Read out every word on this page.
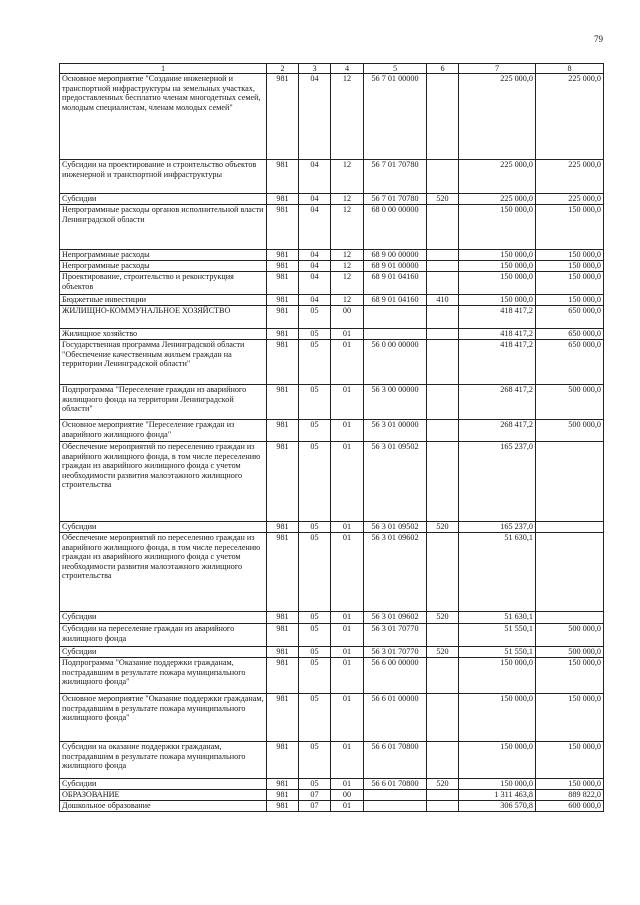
79
1	2	3	4	5	6	7	8
Основное мероприятие "Создание инженерной и транспортной инфраструктуры на земельных участках, предоставленных бесплатно членам многодетных семей, молодым специалистам, членам молодых семей"	981	04	12	56 7 01 00000		225 000,0	225 000,0
Субсидии на проектирование и строительство объектов инженерной и транспортной инфраструктуры	981	04	12	56 7 01 70780		225 000,0	225 000,0
Субсидии	981	04	12	56 7 01 70780	520	225 000,0	225 000,0
Непрограммные расходы органов исполнительной власти Ленинградской области	981	04	12	68 0 00 00000		150 000,0	150 000,0
Непрограммные расходы	981	04	12	68 9 00 00000		150 000,0	150 000,0
Непрограммные расходы	981	04	12	68 9 01 00000		150 000,0	150 000,0
Проектирование, строительство и реконструкция объектов	981	04	12	68 9 01 04160		150 000,0	150 000,0
Бюджетные инвестиции	981	04	12	68 9 01 04160	410	150 000,0	150 000,0
ЖИЛИЩНО-КОММУНАЛЬНОЕ ХОЗЯЙСТВО	981	05	00			418 417,2	650 000,0
Жилищное хозяйство	981	05	01			418 417,2	650 000,0
Государственная программа Ленинградской области "Обеспечение качественным жильем граждан на территории Ленинградской области"	981	05	01	56 0 00 00000		418 417,2	650 000,0
Подпрограмма "Переселение граждан из аварийного жилищного фонда на территории Ленинградской области"	981	05	01	56 3 00 00000		268 417,2	500 000,0
Основное мероприятие "Переселение граждан из аварийного жилищного фонда"	981	05	01	56 3 01 00000		268 417,2	500 000,0
Обеспечение мероприятий по переселению граждан из аварийного жилищного фонда, в том числе переселению граждан из аварийного жилищного фонда с учетом необходимости развития малоэтажного жилищного строительства	981	05	01	56 3 01 09502		165 237,0	
Субсидии	981	05	01	56 3 01 09502	520	165 237,0	
Обеспечение мероприятий по переселению граждан из аварийного жилищного фонда, в том числе переселению граждан из аварийного жилищного фонда с учетом необходимости развития малоэтажного жилищного строительства	981	05	01	56 3 01 09602		51 630,1	
Субсидии	981	05	01	56 3 01 09602	520	51 630,1	
Субсидии на переселение граждан из аварийного жилищного фонда	981	05	01	56 3 01 70770		51 550,1	500 000,0
Субсидии	981	05	01	56 3 01 70770	520	51 550,1	500 000,0
Подпрограмма "Оказание поддержки гражданам, пострадавшим в результате пожара муниципального жилищного фонда"	981	05	01	56 6 00 00000		150 000,0	150 000,0
Основное мероприятие "Оказание поддержки гражданам, пострадавшим в результате пожара муниципального жилищного фонда"	981	05	01	56 6 01 00000		150 000,0	150 000,0
Субсидии на оказание поддержки гражданам, пострадавшим в результате пожара муниципального жилищного фонда	981	05	01	56 6 01 70800		150 000,0	150 000,0
Субсидии	981	05	01	56 6 01 70800	520	150 000,0	150 000,0
ОБРАЗОВАНИЕ	981	07	00			1 311 463,8	889 822,0
Дошкольное образование	981	07	01			306 570,8	600 000,0
